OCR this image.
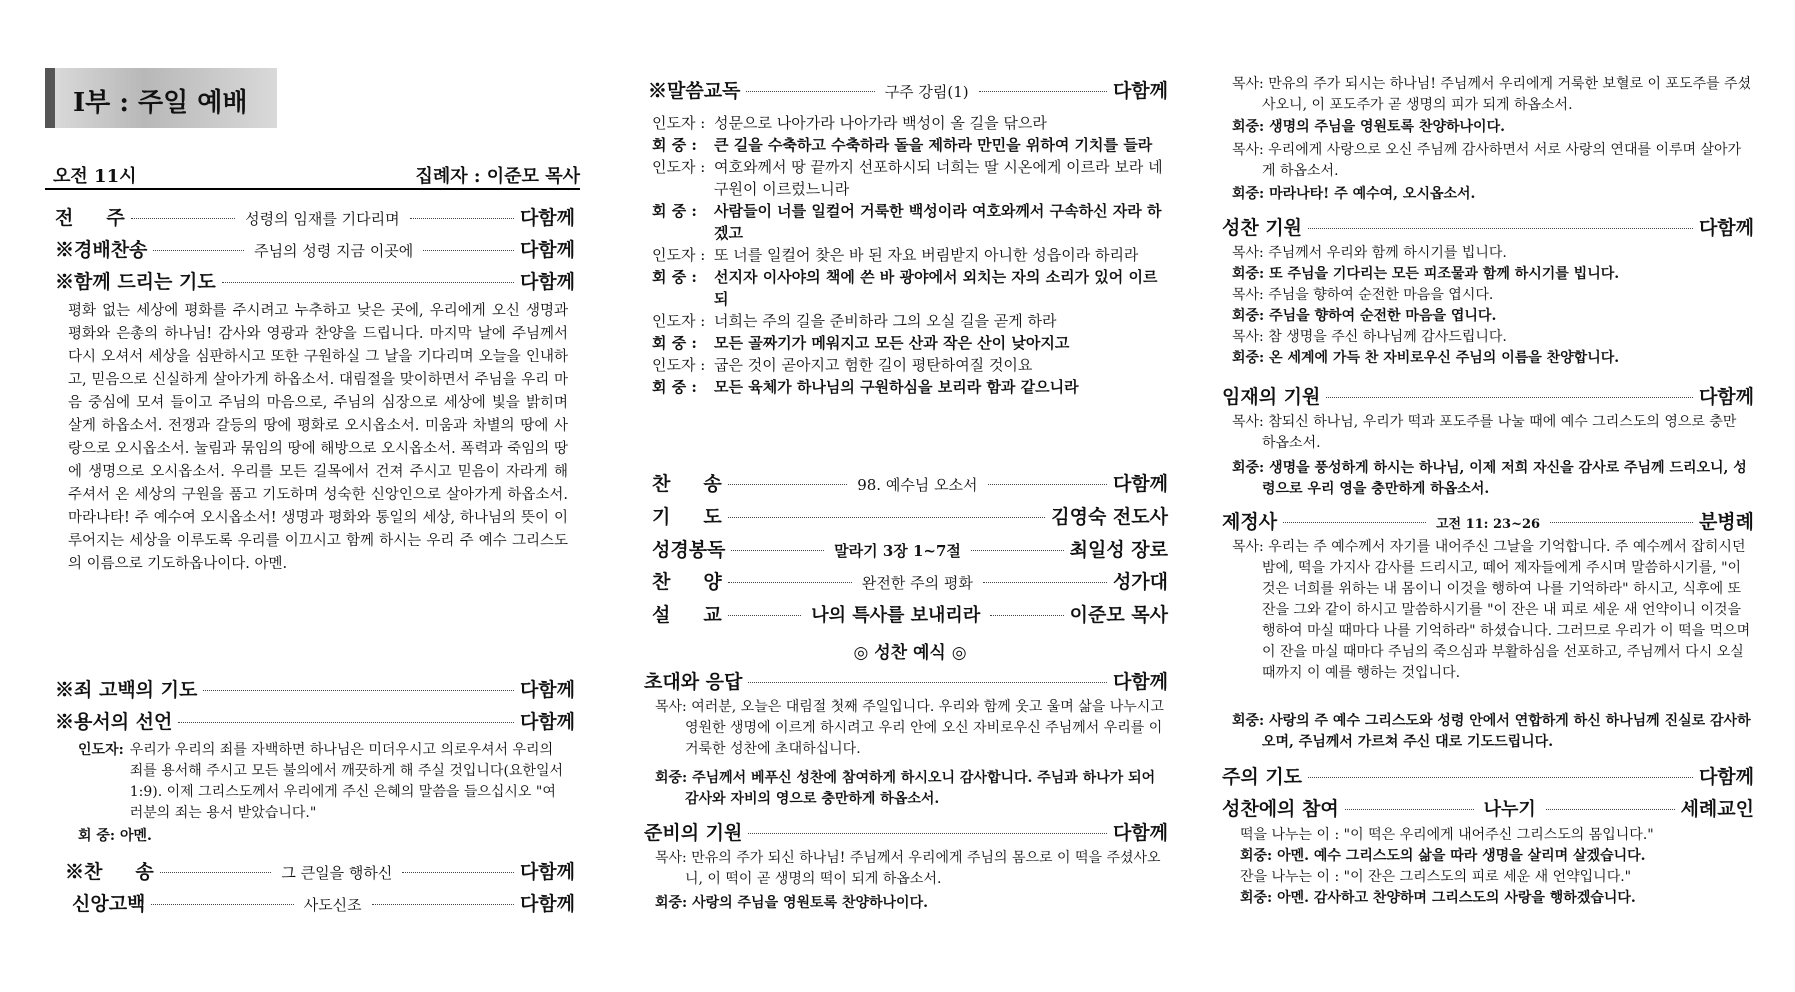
I부 : 주일 예배
오전 11시	집례자 : 이준모 목사
전     주	성령의 임재를 기다리며	다함께
※경배찬송	주님의 성령 지금 이곳에	다함께
※함께 드리는 기도	다함께
평화 없는 세상에 평화를 주시려고 누추하고 낮은 곳에, 우리에게 오신 생명과 평화와 은총의 하나님! 감사와 영광과 찬양을 드립니다. 마지막 날에 주님께서 다시 오셔서 세상을 심판하시고 또한 구원하실 그 날을 기다리며 오늘을 인내하고, 믿음으로 신실하게 살아가게 하옵소서. 대림절을 맞이하면서 주님을 우리 마음 중심에 모셔 들이고 주님의 마음으로, 주님의 심장으로 세상에 빛을 밝히며 살게 하옵소서. 전쟁과 갈등의 땅에 평화로 오시옵소서. 미움과 차별의 땅에 사랑으로 오시옵소서. 눌림과 묶임의 땅에 해방으로 오시옵소서. 폭력과 죽임의 땅에 생명으로 오시옵소서. 우리를 모든 길목에서 건져 주시고 믿음이 자라게 해 주셔서 온 세상의 구원을 품고 기도하며 성숙한 신앙인으로 살아가게 하옵소서. 마라나타! 주 예수여 오시옵소서! 생명과 평화와 통일의 세상, 하나님의 뜻이 이루어지는 세상을 이루도록 우리를 이끄시고 함께 하시는 우리 주 예수 그리스도의 이름으로 기도하옵나이다. 아멘.
※죄 고백의 기도	다함께
※용서의 선언	다함께
인도자: 우리가 우리의 죄를 자백하면 하나님은 미더우시고 의로우셔서 우리의 죄를 용서해 주시고 모든 불의에서 깨끗하게 해 주실 것입니다(요한일서 1:9). 이제 그리스도께서 우리에게 주신 은혜의 말씀을 들으십시오 "여러분의 죄는 용서 받았습니다."
회 중: 아멘.
※찬     송	그 큰일을 행하신	다함께
신앙고백	사도신조	다함께
※말씀교독	구주 강림(1)	다함께
인도자 : 성문으로 나아가라 나아가라 백성이 올 길을 닦으라
회 중 :	큰 길을 수축하고 수축하라 돌을 제하라 만민을 위하여 기치를 들라
인도자 : 여호와께서 땅 끝까지 선포하시되 너희는 딸 시온에게 이르라 보라 네 구원이 이르렀느니라
회 중 :	사람들이 너를 일컬어 거룩한 백성이라 여호와께서 구속하신 자라 하겠고
인도자 : 또 너를 일컬어 찾은 바 된 자요 버림받지 아니한 성읍이라 하리라
회 중 :	선지자 이사야의 책에 쓴 바 광야에서 외치는 자의 소리가 있어 이르되
인도자 : 너희는 주의 길을 준비하라 그의 오실 길을 곧게 하라
회 중 :	모든 골짜기가 메워지고 모든 산과 작은 산이 낮아지고
인도자 : 굽은 것이 곧아지고 험한 길이 평탄하여질 것이요
회 중 :	모든 육체가 하나님의 구원하심을 보리라 함과 같으니라
찬     송	98. 예수님 오소서	다함께
기     도	김영숙 전도사
성경봉독	말라기 3장 1~7절	최일성 장로
찬     양	완전한 주의 평화	성가대
설     교	나의 특사를 보내리라	이준모 목사
◎ 성찬 예식 ◎
초대와 응답	다함께
목사: 여러분, 오늘은 대림절 첫째 주일입니다. 우리와 함께 웃고 울며 삶을 나누시고 영원한 생명에 이르게 하시려고 우리 안에 오신 자비로우신 주님께서 우리를 이 거룩한 성찬에 초대하십니다.
회중: 주님께서 베푸신 성찬에 참여하게 하시오니 감사합니다. 주님과 하나가 되어 감사와 자비의 영으로 충만하게 하옵소서.
준비의 기원	다함께
목사: 만유의 주가 되신 하나님! 주님께서 우리에게 주님의 몸으로 이 떡을 주셨사오니, 이 떡이 곧 생명의 떡이 되게 하옵소서.
회중: 사랑의 주님을 영원토록 찬양하나이다.
목사: 만유의 주가 되시는 하나님! 주님께서 우리에게 거룩한 보혈로 이 포도주를 주셨사오니, 이 포도주가 곧 생명의 피가 되게 하옵소서.
회중: 생명의 주님을 영원토록 찬양하나이다.
목사: 우리에게 사랑으로 오신 주님께 감사하면서 서로 사랑의 연대를 이루며 살아가게 하옵소서.
회중: 마라나타! 주 예수여, 오시옵소서.
성찬 기원	다함께
목사: 주님께서 우리와 함께 하시기를 빕니다.
회중: 또 주님을 기다리는 모든 피조물과 함께 하시기를 빕니다.
목사: 주님을 향하여 순전한 마음을 엽시다.
회중: 주님을 향하여 순전한 마음을 엽니다.
목사: 참 생명을 주신 하나님께 감사드립니다.
회중: 온 세계에 가득 찬 자비로우신 주님의 이름을 찬양합니다.
임재의 기원	다함께
목사: 참되신 하나님, 우리가 떡과 포도주를 나눌 때에 예수 그리스도의 영으로 충만 하옵소서.
회중: 생명을 풍성하게 하시는 하나님, 이제 저희 자신을 감사로 주님께 드리오니, 성령으로 우리 영을 충만하게 하옵소서.
제정사	고전 11: 23~26	분병례
목사: 우리는 주 예수께서 자기를 내어주신 그날을 기억합니다. 주 예수께서 잡히시던 밤에, 떡을 가지사 감사를 드리시고, 떼어 제자들에게 주시며 말씀하시기를, "이것은 너희를 위하는 내 몸이니 이것을 행하여 나를 기억하라" 하시고, 식후에 또 잔을 그와 같이 하시고 말씀하시기를 "이 잔은 내 피로 세운 새 언약이니 이것을 행하여 마실 때마다 나를 기억하라" 하셨습니다. 그러므로 우리가 이 떡을 먹으며 이 잔을 마실 때마다 주님의 죽으심과 부활하심을 선포하고, 주님께서 다시 오실 때까지 이 예를 행하는 것입니다.
회중: 사랑의 주 예수 그리스도와 성령 안에서 연합하게 하신 하나님께 진실로 감사하오며, 주님께서 가르쳐 주신 대로 기도드립니다.
주의 기도	다함께
성찬에의 참여	나누기	세례교인
떡을 나누는 이 : "이 떡은 우리에게 내어주신 그리스도의 몸입니다."
회중: 아멘. 예수 그리스도의 삶을 따라 생명을 살리며 살겠습니다.
잔을 나누는 이 : "이 잔은 그리스도의 피로 세운 새 언약입니다."
회중: 아멘. 감사하고 찬양하며 그리스도의 사랑을 행하겠습니다.
